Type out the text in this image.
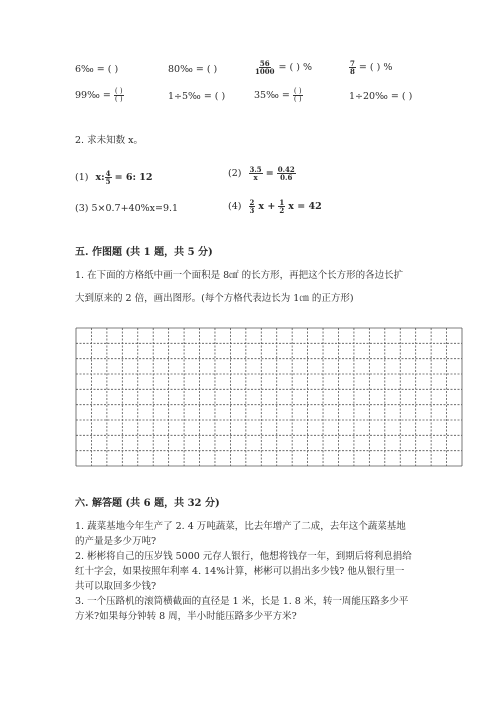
6‰ = ( )	80‰ = ( )	$\frac{56}{1000}$ = ( ) %	$\frac{7}{8}$ = ( ) %
99‰ = $\frac{( )}{( )}$	1÷5‰ = ( )	35‰ = $\frac{( )}{( )}$	1÷20‰ = ( )
2. 求未知数 x。
(1) x: $\frac{4}{5} = 6$: 12	$(2) \frac{3.5}{x} = \frac{0.42}{0.6}$
(3) 5×0.7+40%x=9.1	$(4) \frac{2}{3}$ $x + \frac{1}{2}$ x = 42
五. 作图题 (共 1 题，共 5 分)
1. 在下面的方格纸中画一个面积是 8㎠ 的长方形，再把这个长方形的各边长扩
大到原来的 2 倍，画出图形。(每个方格代表边长为 1㎝ 的正方形)
六. 解答题 (共 6 题，共 32 分)
1. 蔬菜基地今年生产了 2. 4 万吨蔬菜，比去年增产了二成，去年这个蔬菜基地
的产量是多少万吨?
2. 彬彬将自己的压岁钱 5000 元存人银行，他想将钱存一年，到期后将利息捐给
红十字会，如果按照年利率 4. 14%计算，彬彬可以捐出多少钱? 他从银行里一
共可以取回多少钱?
3. 一个压路机的滚筒横截面的直径是 1 米，长是 1. 8 米，转一周能压路多少平
方米?如果每分钟转 8 周，半小时能压路多少平方米?
